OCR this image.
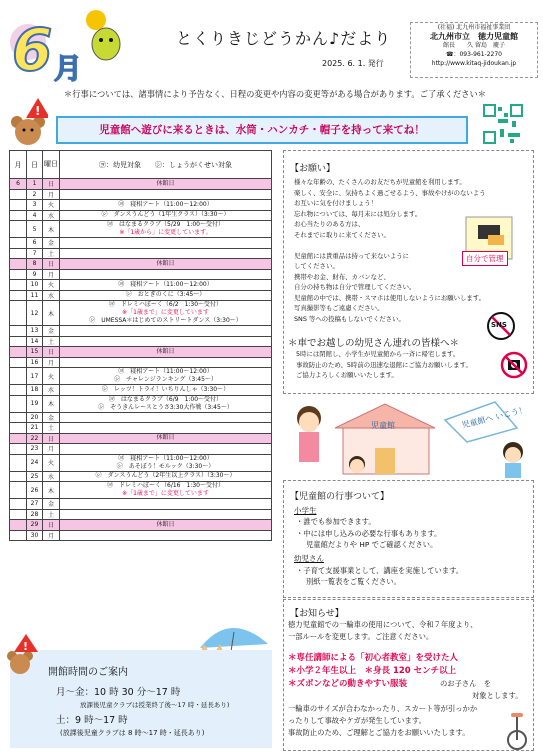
6 月
とくりきじどうかん♪だより
2025. 6. 1. 発行
(社福) 北九州市福祉事業団
北九州市立　徳力児童館
館長　　久 留島　慶子
☎：093-961-2270
http://www.kitaq-jidoukan.jp
＊行事については、諸事情により予告なく、日程の変更や内容の変更等がある場合があります。ご了承ください＊
!
児童館へ遊びに来るときは、水筒・ハンカチ・帽子を持って来てね！
月	日	曜日	㋵：幼児対象　　 ㋛：しょうがくせい対象
6	1	日	休館日

	2	月	
	3	火	㋵　寝相アート（11:00～12:00）

	4	水	㋛　ダンスうんどう（1年生クラス）（3:30～）

	5	木	㋵　はなまるクラブ（5/29　1:00～受付）
※「1歳から」に変更しています。

	6	金	
	7	土	
	8	日	休館日

	9	月	
	10	火	㋵　寝相アート（11:00～12:00）

	11	水	㋛　おとぎのくに（3:45～）

	12	木	㋵　ドレミハぼーく（6/2　1:30～受付）
※「1歳まで」に変更しています
㋛　UMESSA＊はじめてのストリートダンス（3:30～）

	13	金	
	14	土	
	15	日	休館日

	16	月	
	17	火	㋵　寝相アート（11:00～12:00）
㋛　チャレンジランキング（3:45～）

	18	水	㋛　レッツ！トライ！いちりんしゃ（3:30～）

	19	木	㋵　はなまるクラブ（6/9　1:00～受付）
㋛　ぞうきんレースとうさ3:30大作戦（3:45～）

	20	金	
	21	土	
	22	日	休館日

	23	月	
	24	火	㋵　寝相アート（11:00～12:00）
㋛　あそぼう！モルック（3:30～）

	25	水	㋛　ダンスうんどう（2年生以上クラス）（3:30～）

	26	木	㋵　ドレミハぼーく（6/16　1:30～受付）
※「1歳まで」に変更しています

	27	金	
	28	土	
	29	日	休館日

	30	月	
!
開館時間のご案内
月～金：10 時 30 分～17 時
放課後児童クラブは授業終了後～17 時・延長あり)
土：9 時～17 時
(放課後児童クラブは 8 時～17 時・延長あり)
【お願い】
様々な年齢の、たくさんのお友だちが児童館を利用します。
楽しく、安全に、気持ちよく過ごせるよう、事故やけがのないよう
お互いに気を付けましょう！
忘れ物については、毎月末には処分します。
お心当たりのある方は、
それまでに取りに来てください。
児童館には貴重品は持って来ないように
してください。
携帯やお金、財布、カバンなど、
自分の持ち物は自分で管理してください。
児童館の中では、携帯・スマホは使用しないようにお願いします。
写真撮影等もご遠慮ください。
SNS 等への投稿もしないでください。
自分で管理
SNS
＊車でお越しの幼児さん連れの皆様へ＊
5時には閉館し、小学生が児童館から一斉に帰宅します。
事故防止のため、5時前の迅速な退館にご協力お願いします。
ご協力よろしくお願いいたします。
児童館	児童館へ いこう！
【児童館の行事ついて】
小学生
・誰でも参加できます。
・中には申し込みの必要な行事もあります。
児童館だよりや HP でご確認ください。
幼児さん
・子育て支援事業として、講座を実施しています。
別紙一覧表をご覧ください。
【お知らせ】
徳力児童館での一輪車の使用について、令和７年度より、
一部ルールを変更します。ご注意ください。
＊専任講師による「初心者教室」を受けた人
＊小学２年生以上　＊身長 120 センチ以上
＊ズボンなどの動きやすい服装	のお子さん　を
対象とします。
一輪車のサイズが合わなかったり、スカート等が引っかか
ったりして事故やケガが発生しています。
事故防止のため、ご理解とご協力をお願いいたします。
